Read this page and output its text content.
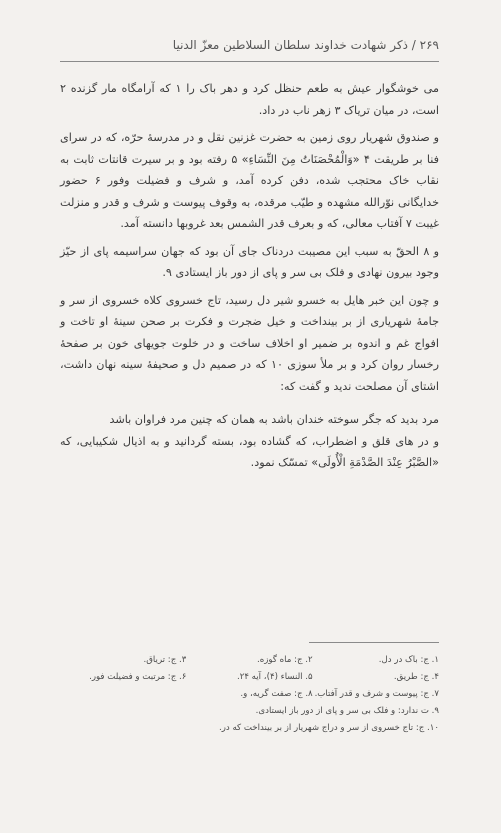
۲۶۹ / ذکر شهادت خداوند سلطان السلاطین معزّ الدنیا

می خوشگوار عیش به طعم حنظل کرد و دهر باک را ۱ که آرامگاه مار گزنده ۲ است، در میان تریاک ۳ زهر ناب در داد.

و صندوق شهریار روی زمین به حضرت غزنین نقل و در مدرسهٔ حرّه، که در سرای فنا بر طریقت ۴ «وَالْمُحْصَنَاتُ مِنَ النِّسَاءِ» ۵ رفته بود و بر سیرت قانتات ثابت به نقاب خاک محتجب شده، دفن کرده آمد، و شرف و فضیلت وفور ۶ حضور خدایگانی نوّرالله مشهده و طیّب مرقده، به وقوف پیوست و شرف و قدر و منزلت غیبت ۷ آفتاب معالی، که و بعرف قدر الشمس بعد غروبها دانسته آمد.

و ۸ الحقّ به سبب این مصیبت دردناک جای آن بود که جهان سراسیمه پای از حیّز وجود بیرون نهادی و فلک بی سر و پای از دور باز ایستادی ۹.

و چون این خبر هایل به خسرو شیر دل رسید، تاج خسروی کلاه خسروی از سر و جامهٔ شهریاری از بر بینداخت و خیل ضجرت و فکرت بر صحن سینهٔ او تاخت و افواج غم و اندوه بر ضمیر او اخلاف ساخت و در خلوت جویهای خون بر صفحهٔ رخسار روان کرد و بر ملأ سوزی ۱۰ که در صمیم دل و صحیفهٔ سینه نهان داشت، اشتای آن مصلحت ندید و گفت که:

مرد بدید که جگر سوخته خندان باشد به همان که چنین مرد فراوان باشد

و در های قلق و اضطراب، که گشاده بود، بسته گردانید و به اذیال شکیبایی، که «الصَّبْرُ عِنْدَ الصَّدْمَةِ الْأُولَى» تمسّک نمود.

۱. ج: باک در دل.
۲. ج: ماه گوزه.
۳. ج: تریاق.
۴. ج: طریق.
۵. النساء (۴)، آیه ۲۴.
۶. ج: مرتبت و فضیلت فور.
۷. ج: پیوست و شرف و قدر آفتاب.
۸. ج: صفت گریه، و.
۹. ت ندارد: و فلک بی سر و پای از دور باز ایستادی.
۱۰. ج: تاج خسروی از سر و دراج شهریار از بر بینداخت که در.
